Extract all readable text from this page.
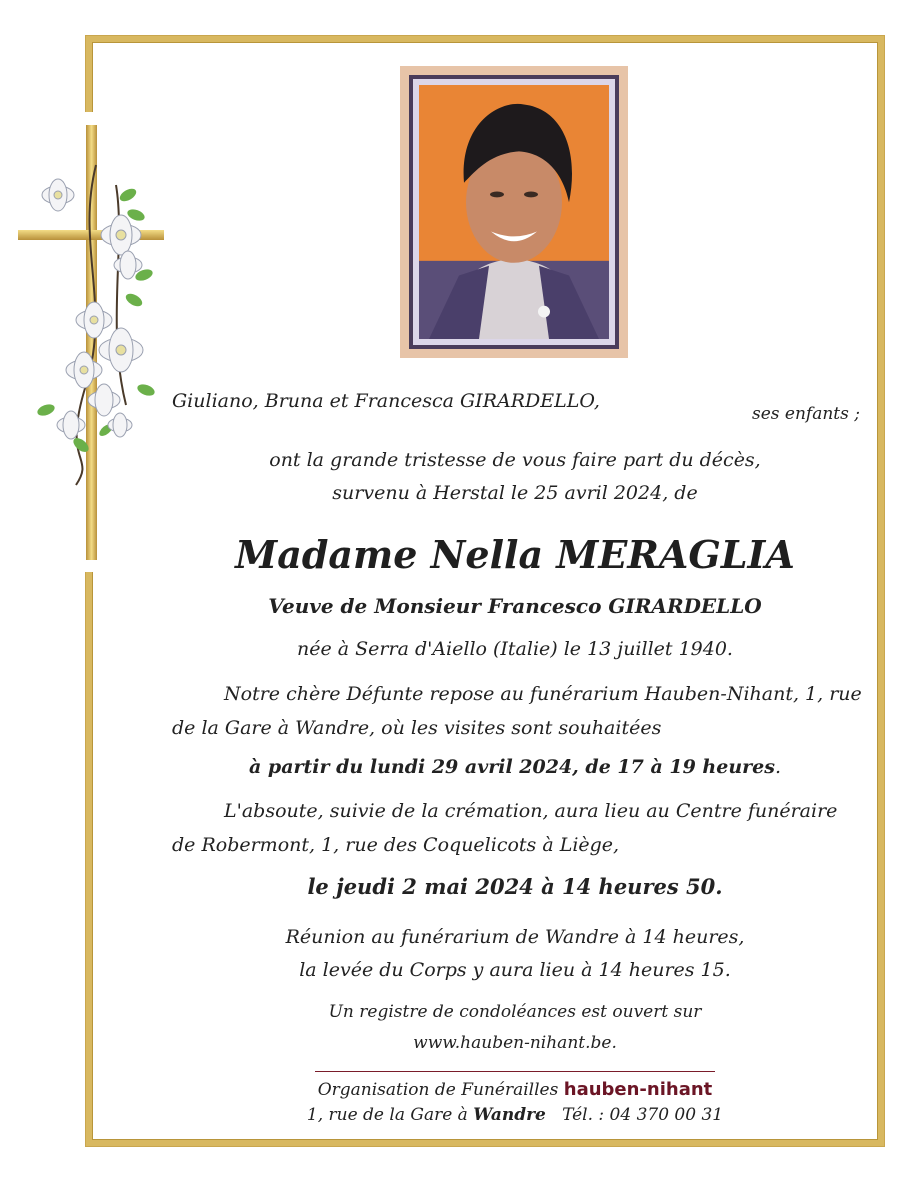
Giuliano, Bruna et Francesca GIRARDELLO,
ses enfants ;
ont la grande tristesse de vous faire part du décès,
survenu à Herstal le 25 avril 2024, de
Madame Nella MERAGLIA
Veuve de Monsieur Francesco GIRARDELLO
née à Serra d'Aiello (Italie) le 13 juillet 1940.
Notre chère Défunte repose au funérarium Hauben-Nihant, 1, rue
de la Gare à Wandre, où les visites sont souhaitées
à partir du lundi 29 avril 2024, de 17 à 19 heures.
L'absoute, suivie de la crémation, aura lieu au Centre funéraire
de Robermont, 1, rue des Coquelicots à Liège,
le jeudi 2 mai 2024 à 14 heures 50.
Réunion au funérarium de Wandre à 14 heures,
la levée du Corps y aura lieu à 14 heures 15.
Un registre de condoléances est ouvert sur
www.hauben-nihant.be.
Organisation de Funérailles hauben-nihant
1, rue de la Gare à Wandre Tél. : 04 370 00 31
